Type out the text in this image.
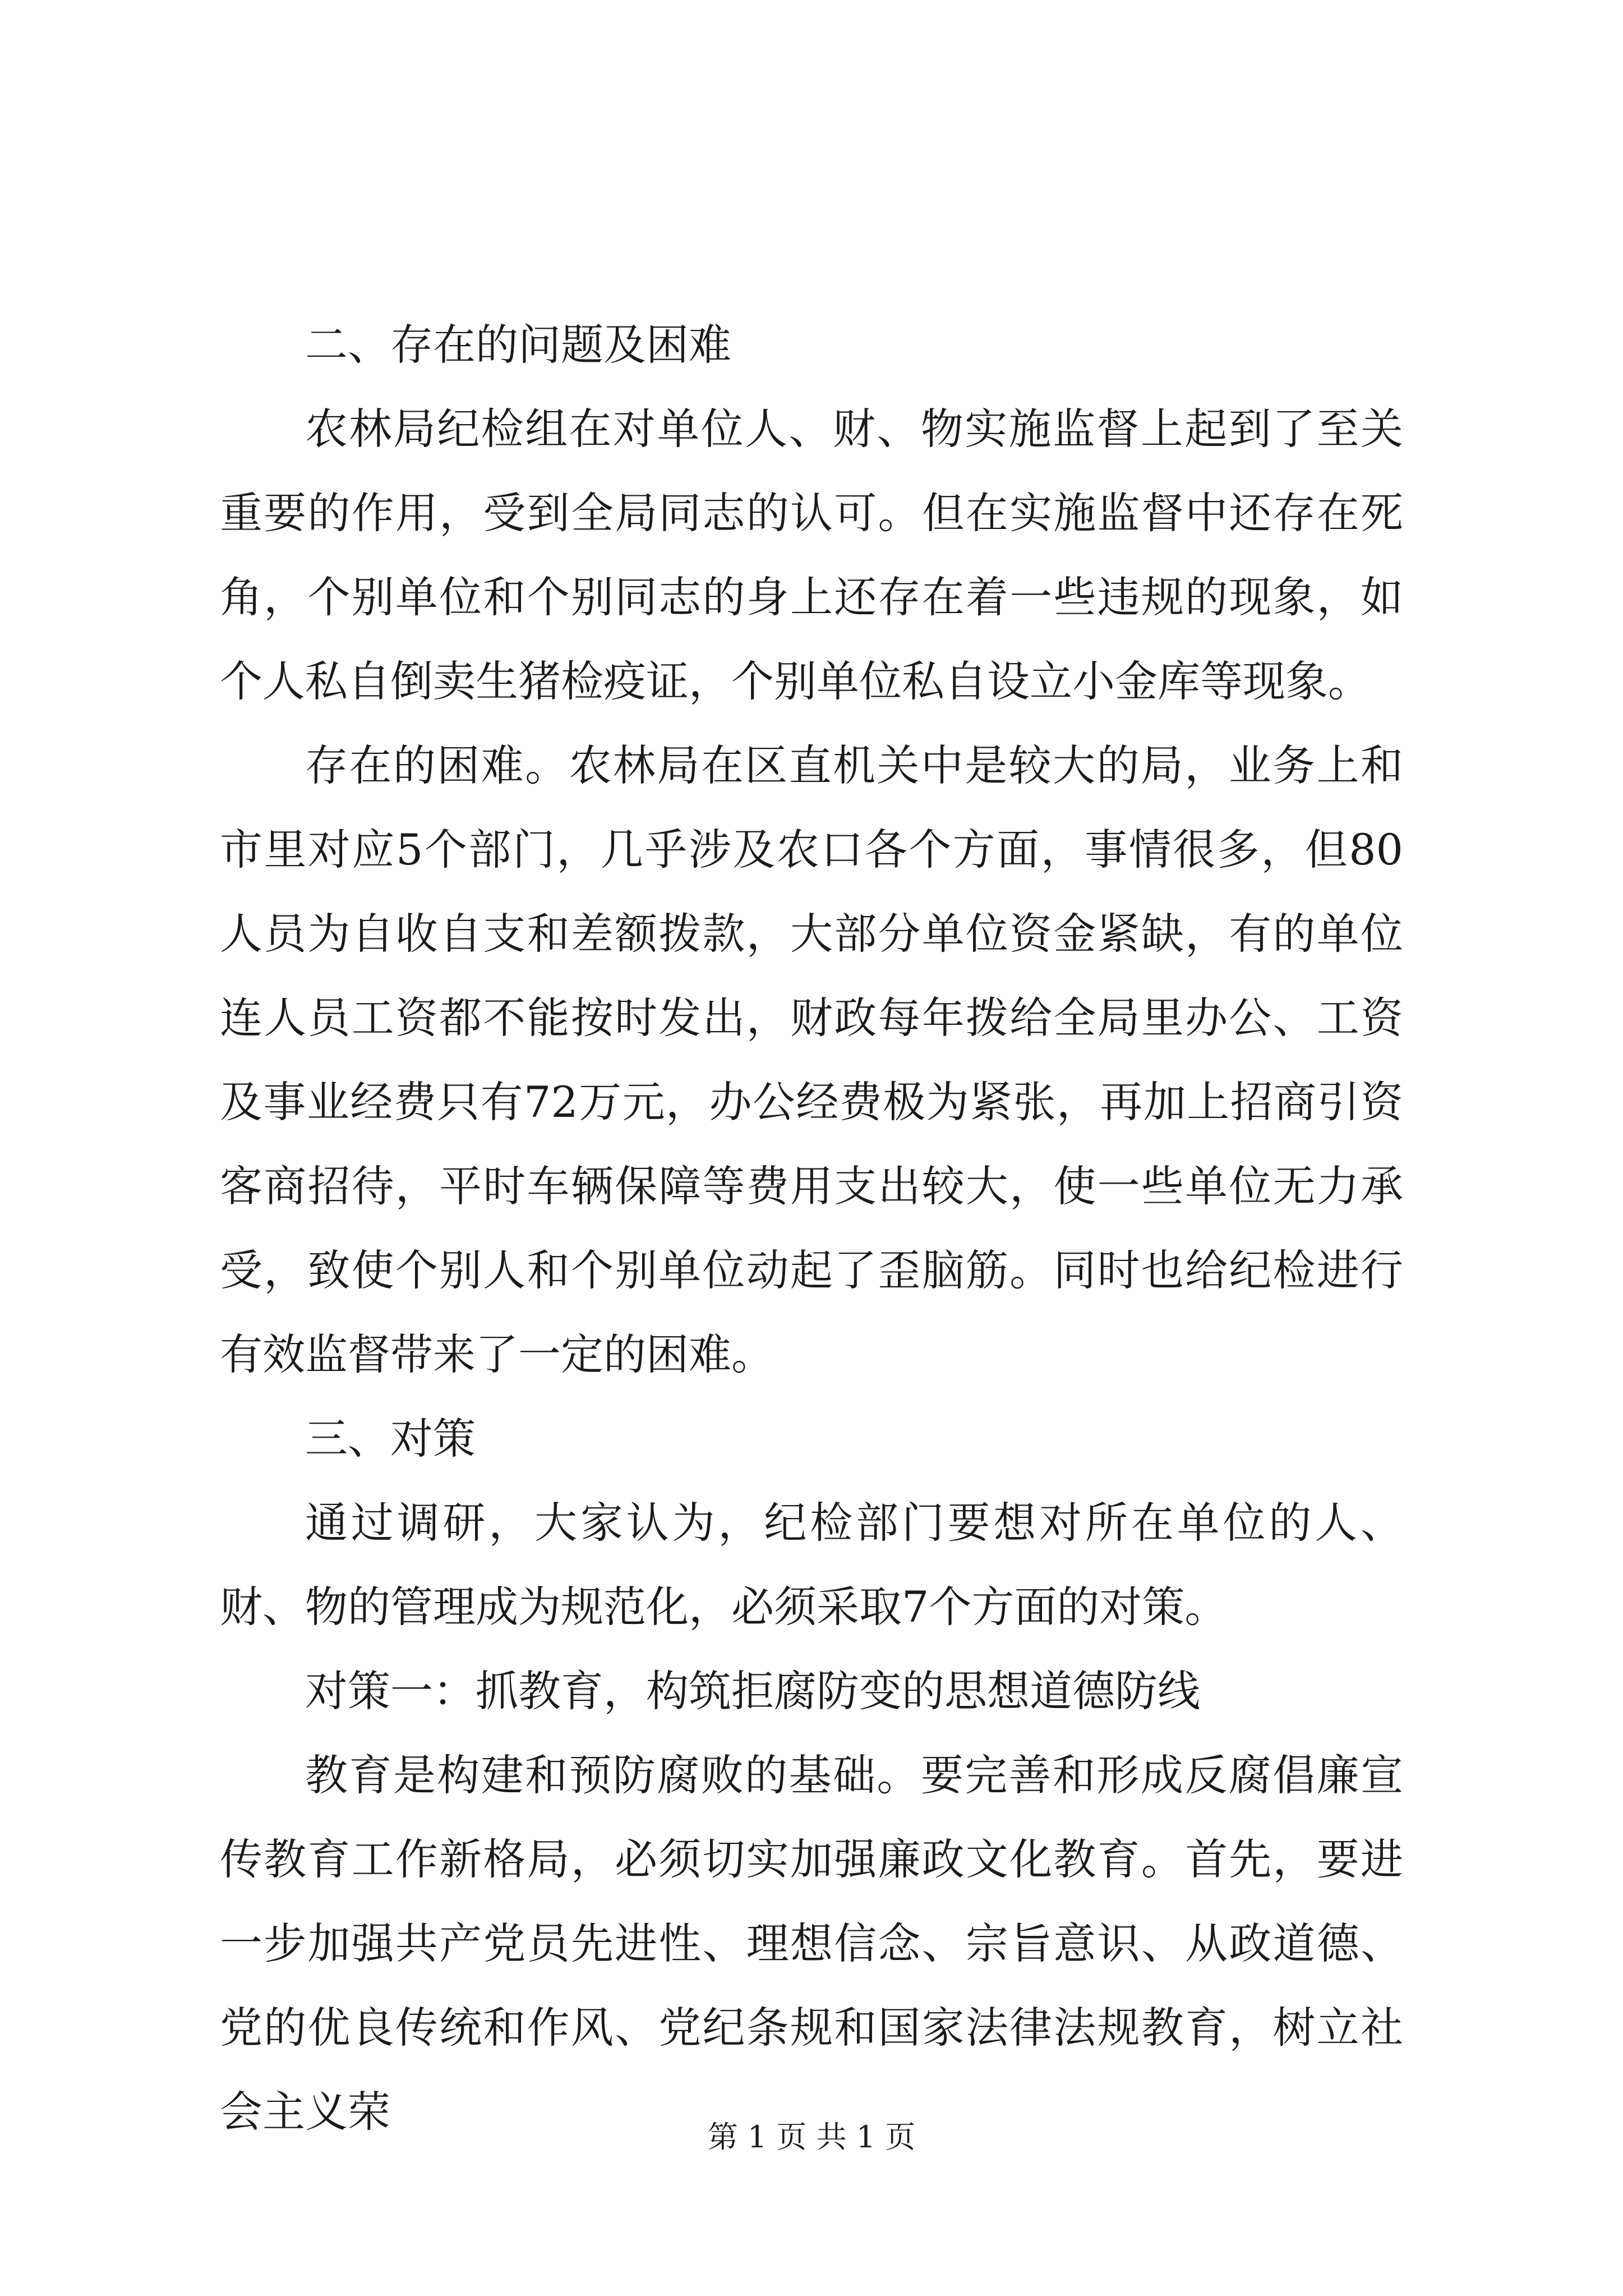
二、存在的问题及困难

农林局纪检组在对单位人、财、物实施监督上起到了至关重要的作用，受到全局同志的认可。但在实施监督中还存在死角，个别单位和个别同志的身上还存在着一些违规的现象，如个人私自倒卖生猪检疫证，个别单位私自设立小金库等现象。

存在的困难。农林局在区直机关中是较大的局，业务上和市里对应5个部门，几乎涉及农口各个方面，事情很多，但80人员为自收自支和差额拨款，大部分单位资金紧缺，有的单位连人员工资都不能按时发出，财政每年拨给全局里办公、工资及事业经费只有72万元，办公经费极为紧张，再加上招商引资客商招待，平时车辆保障等费用支出较大，使一些单位无力承受，致使个别人和个别单位动起了歪脑筋。同时也给纪检进行有效监督带来了一定的困难。

三、对策

通过调研，大家认为，纪检部门要想对所在单位的人、财、物的管理成为规范化，必须采取7个方面的对策。

对策一：抓教育，构筑拒腐防变的思想道德防线

教育是构建和预防腐败的基础。要完善和形成反腐倡廉宣传教育工作新格局，必须切实加强廉政文化教育。首先，要进一步加强共产党员先进性、理想信念、宗旨意识、从政道德、党的优良传统和作风、党纪条规和国家法律法规教育，树立社会主义荣

第 1 页 共 1 页
